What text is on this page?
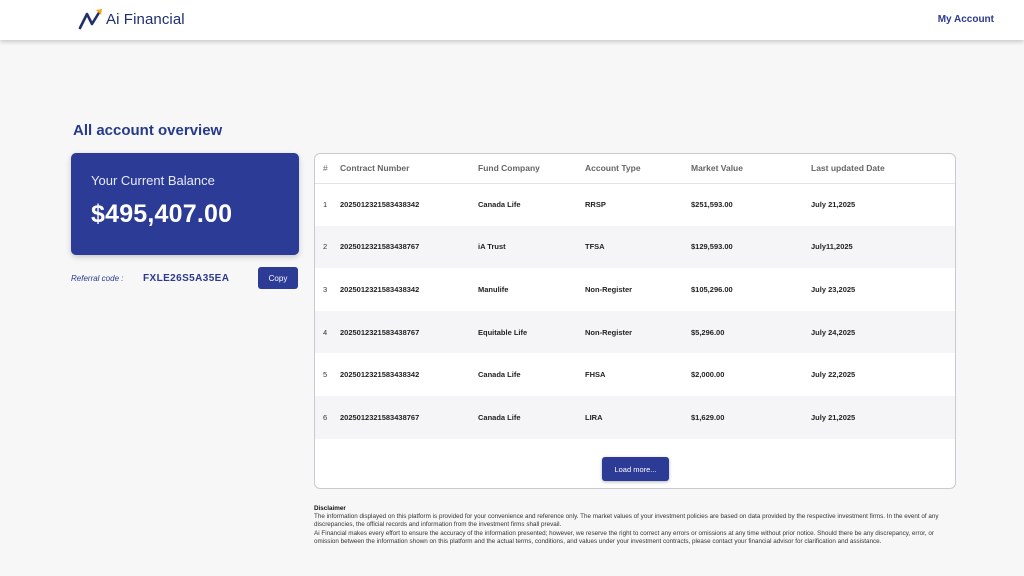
Ai Financial	My Account
All account overview
Your Current Balance
$495,407.00
Referral code : FXLE26S5A35EA	Copy
#	Contract Number	Fund Company	Account Type	Market Value	Last updated Date
1	2025012321583438342	Canada Life	RRSP	$251,593.00	July 21,2025
2	2025012321583438767	iA Trust	TFSA	$129,593.00	July11,2025
3	2025012321583438342	Manulife	Non-Register	$105,296.00	July 23,2025
4	2025012321583438767	Equitable Life	Non-Register	$5,296.00	July 24,2025
5	2025012321583438342	Canada Life	FHSA	$2,000.00	July 22,2025
6	2025012321583438767	Canada Life	LIRA	$1,629.00	July 21,2025
Load more...
Disclaimer
The information displayed on this platform is provided for your convenience and reference only. The market values of your investment policies are based on data provided by the respective investment firms. In the event of any discrepancies, the official records and information from the investment firms shall prevail.
Ai Financial makes every effort to ensure the accuracy of the information presented; however, we reserve the right to correct any errors or omissions at any time without prior notice. Should there be any discrepancy, error, or omission between the information shown on this platform and the actual terms, conditions, and values under your investment contracts, please contact your financial advisor for clarification and assistance.
